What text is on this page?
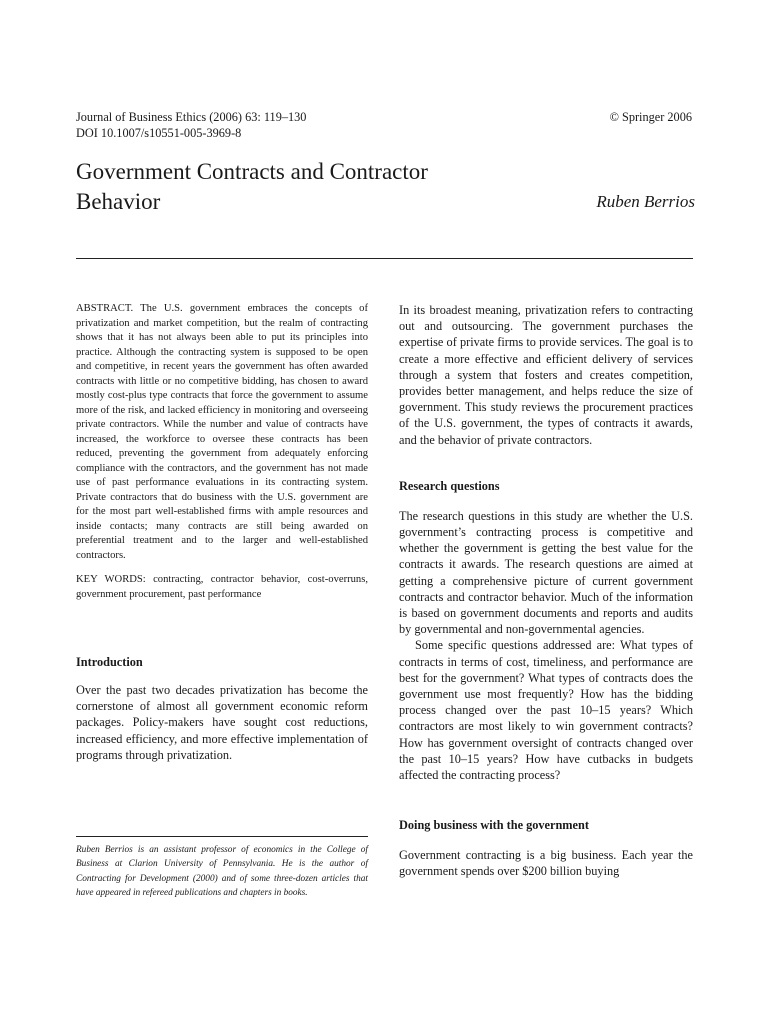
Journal of Business Ethics (2006) 63: 119–130
DOI 10.1007/s10551-005-3969-8
© Springer 2006
Government Contracts and Contractor
Behavior	Ruben Berrios

ABSTRACT. The U.S. government embraces the concepts of privatization and market competition, but the realm of contracting shows that it has not always been able to put its principles into practice. Although the contracting system is supposed to be open and competitive, in recent years the government has often awarded contracts with little or no competitive bidding, has chosen to award mostly cost-plus type contracts that force the government to assume more of the risk, and lacked efficiency in monitoring and overseeing private contractors. While the number and value of contracts have increased, the workforce to oversee these contracts has been reduced, preventing the government from adequately enforcing compliance with the contractors, and the government has not made use of past performance evaluations in its contracting system. Private contractors that do business with the U.S. government are for the most part well-established firms with ample resources and inside contacts; many contracts are still being awarded on preferential treatment and to the larger and well-established contractors.

KEY WORDS: contracting, contractor behavior, cost-overruns, government procurement, past performance

Introduction

Over the past two decades privatization has become the cornerstone of almost all government economic reform packages. Policy-makers have sought cost reductions, increased efficiency, and more effective implementation of programs through privatization.

Ruben Berrios is an assistant professor of economics in the College of Business at Clarion University of Pennsylvania. He is the author of Contracting for Development (2000) and of some three-dozen articles that have appeared in refereed publications and chapters in books.

In its broadest meaning, privatization refers to contracting out and outsourcing. The government purchases the expertise of private firms to provide services. The goal is to create a more effective and efficient delivery of services through a system that fosters and creates competition, provides better management, and helps reduce the size of government. This study reviews the procurement practices of the U.S. government, the types of contracts it awards, and the behavior of private contractors.

Research questions

The research questions in this study are whether the U.S. government’s contracting process is competitive and whether the government is getting the best value for the contracts it awards. The research questions are aimed at getting a comprehensive picture of current government contracts and contractor behavior. Much of the information is based on government documents and reports and audits by governmental and non-governmental agencies.

Some specific questions addressed are: What types of contracts in terms of cost, timeliness, and performance are best for the government? What types of contracts does the government use most frequently? How has the bidding process changed over the past 10–15 years? Which contractors are most likely to win government contracts? How has government oversight of contracts changed over the past 10–15 years? How have cutbacks in budgets affected the contracting process?

Doing business with the government

Government contracting is a big business. Each year the government spends over $200 billion buying
